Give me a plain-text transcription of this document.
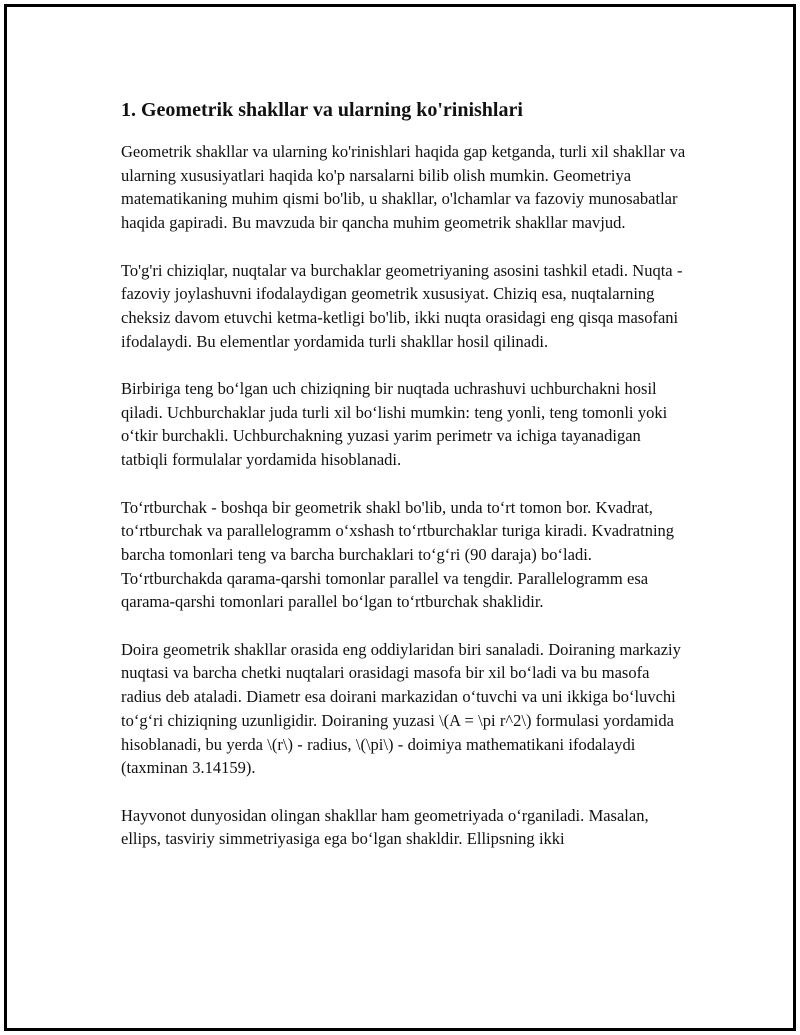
1. Geometrik shakllar va ularning ko'rinishlari

Geometrik shakllar va ularning ko'rinishlari haqida gap ketganda, turli xil shakllar va ularning xususiyatlari haqida ko'p narsalarni bilib olish mumkin. Geometriya matematikaning muhim qismi bo'lib, u shakllar, o'lchamlar va fazoviy munosabatlar haqida gapiradi. Bu mavzuda bir qancha muhim geometrik shakllar mavjud.

To'g'ri chiziqlar, nuqtalar va burchaklar geometriyaning asosini tashkil etadi. Nuqta - fazoviy joylashuvni ifodalaydigan geometrik xususiyat. Chiziq esa, nuqtalarning cheksiz davom etuvchi ketma-ketligi bo'lib, ikki nuqta orasidagi eng qisqa masofani ifodalaydi. Bu elementlar yordamida turli shakllar hosil qilinadi.

Birbiriga teng bo‘lgan uch chiziqning bir nuqtada uchrashuvi uchburchakni hosil qiladi. Uchburchaklar juda turli xil bo‘lishi mumkin: teng yonli, teng tomonli yoki o‘tkir burchakli. Uchburchakning yuzasi yarim perimetr va ichiga tayanadigan tatbiqli formulalar yordamida hisoblanadi.

To‘rtburchak - boshqa bir geometrik shakl bo'lib, unda to‘rt tomon bor. Kvadrat, to‘rtburchak va parallelogramm o‘xshash to‘rtburchaklar turiga kiradi. Kvadratning barcha tomonlari teng va barcha burchaklari to‘g‘ri (90 daraja) bo‘ladi. To‘rtburchakda qarama-qarshi tomonlar parallel va tengdir. Parallelogramm esa qarama-qarshi tomonlari parallel bo‘lgan to‘rtburchak shaklidir.

Doira geometrik shakllar orasida eng oddiylaridan biri sanaladi. Doiraning markaziy nuqtasi va barcha chetki nuqtalari orasidagi masofa bir xil bo‘ladi va bu masofa radius deb ataladi. Diametr esa doirani markazidan o‘tuvchi va uni ikkiga bo‘luvchi to‘g‘ri chiziqning uzunligidir. Doiraning yuzasi \(A = \pi r^2\) formulasi yordamida hisoblanadi, bu yerda \(r\) - radius, \(\pi\) - doimiya mathematikani ifodalaydi (taxminan 3.14159).

Hayvonot dunyosidan olingan shakllar ham geometriyada o‘rganiladi. Masalan, ellips, tasviriy simmetriyasiga ega bo‘lgan shakldir. Ellipsning ikki
